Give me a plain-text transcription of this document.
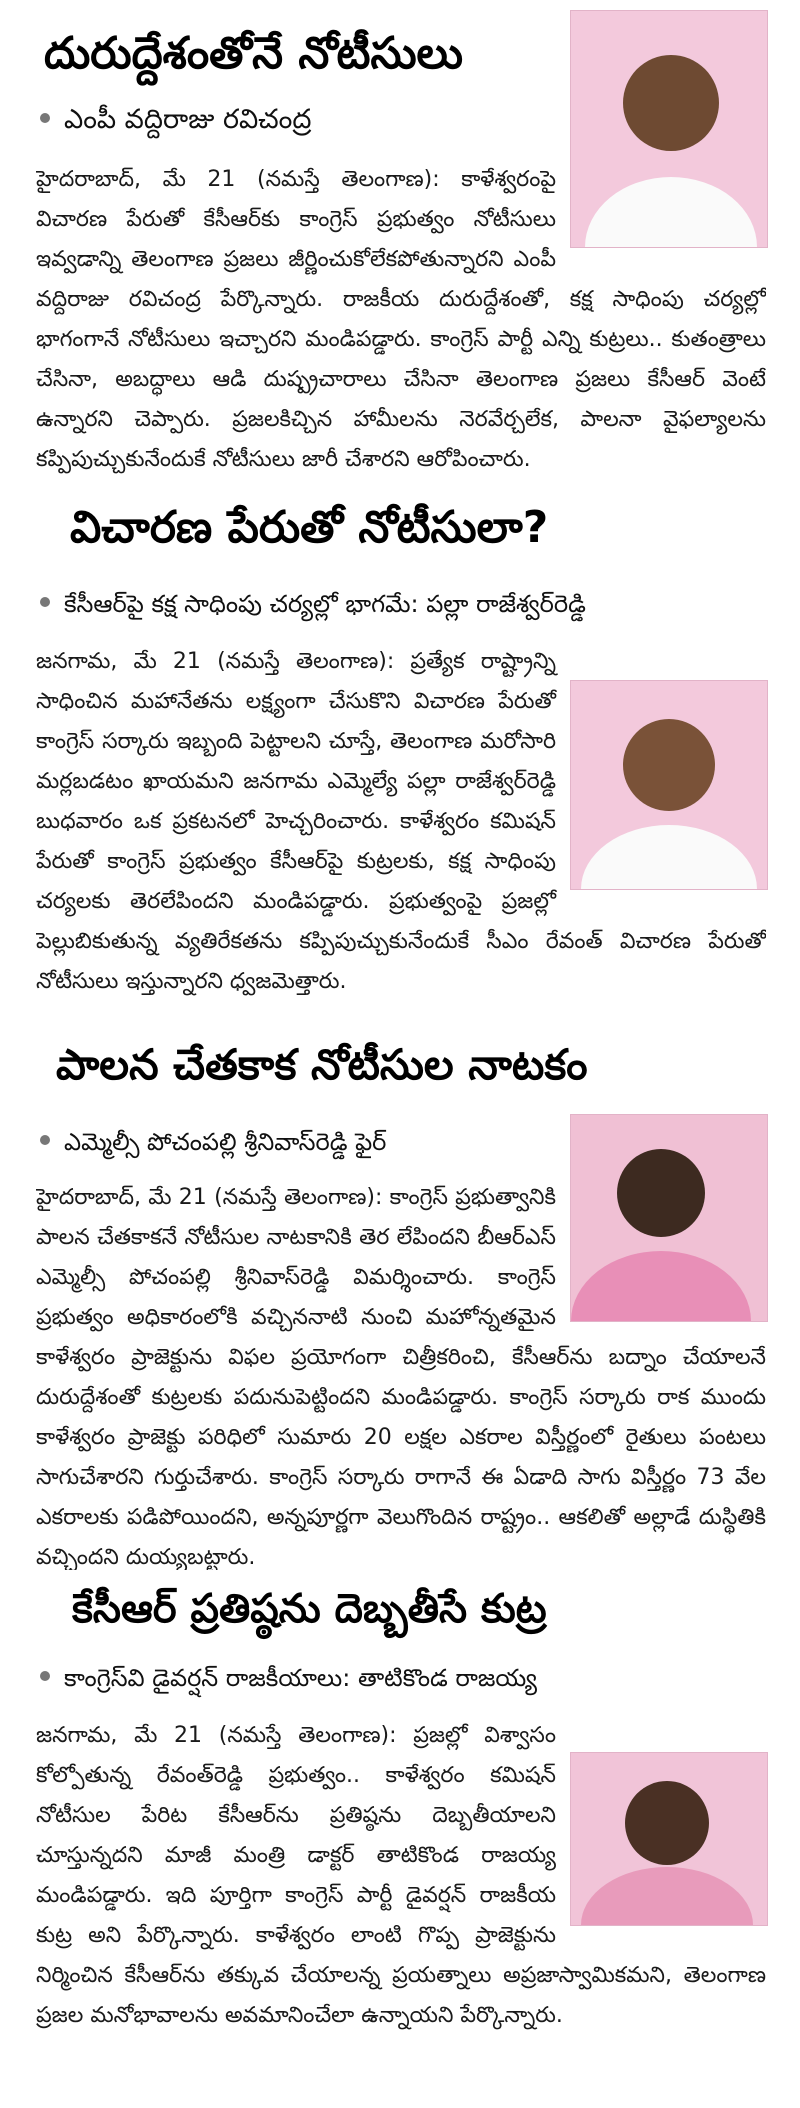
దురుద్దేశంతోనే నోటీసులు
ఎంపీ వద్దిరాజు రవిచంద్ర

హైదరాబాద్, మే 21 (నమస్తే తెలంగాణ): కాళేశ్వరంపై విచారణ పేరుతో కేసీఆర్‌కు కాంగ్రెస్ ప్రభుత్వం నోటీసులు ఇవ్వడాన్ని తెలంగాణ ప్రజలు జీర్ణించుకోలేకపోతున్నారని ఎంపీ వద్దిరాజు రవిచంద్ర పేర్కొన్నారు. రాజకీయ దురుద్దేశంతో, కక్ష సాధింపు చర్యల్లో భాగంగానే నోటీసులు ఇచ్చారని మండిపడ్డారు. కాంగ్రెస్ పార్టీ ఎన్ని కుట్రలు.. కుతంత్రాలు చేసినా, అబద్ధాలు ఆడి దుష్ప్రచారాలు చేసినా తెలంగాణ ప్రజలు కేసీఆర్ వెంటే ఉన్నారని చెప్పారు. ప్రజలకిచ్చిన హామీలను నెరవేర్చలేక, పాలనా వైఫల్యాలను కప్పిపుచ్చుకునేందుకే నోటీసులు జారీ చేశారని ఆరోపించారు.

విచారణ పేరుతో నోటీసులా?
కేసీఆర్‌పై కక్ష సాధింపు చర్యల్లో భాగమే: పల్లా రాజేశ్వర్‌రెడ్డి

జనగామ, మే 21 (నమస్తే తెలంగాణ): ప్రత్యేక రాష్ట్రాన్ని సాధించిన మహానేతను లక్ష్యంగా చేసుకొని విచారణ పేరుతో కాంగ్రెస్ సర్కారు ఇబ్బంది పెట్టాలని చూస్తే, తెలంగాణ మరోసారి మర్లబడటం ఖాయమని జనగామ ఎమ్మెల్యే పల్లా రాజేశ్వర్‌రెడ్డి బుధవారం ఒక ప్రకటనలో హెచ్చరించారు. కాళేశ్వరం కమిషన్ పేరుతో కాంగ్రెస్ ప్రభుత్వం కేసీఆర్‌పై కుట్రలకు, కక్ష సాధింపు చర్యలకు తెరలేపిందని మండిపడ్డారు. ప్రభుత్వంపై ప్రజల్లో పెల్లుబికుతున్న వ్యతిరేకతను కప్పిపుచ్చుకునేందుకే సీఎం రేవంత్ విచారణ పేరుతో నోటీసులు ఇస్తున్నారని ధ్వజమెత్తారు.

పాలన చేతకాక నోటీసుల నాటకం
ఎమ్మెల్సీ పోచంపల్లి శ్రీనివాస్‌రెడ్డి ఫైర్

హైదరాబాద్, మే 21 (నమస్తే తెలంగాణ): కాంగ్రెస్ ప్రభుత్వానికి పాలన చేతకాకనే నోటీసుల నాటకానికి తెర లేపిందని బీఆర్ఎస్ ఎమ్మెల్సీ పోచంపల్లి శ్రీనివాస్‌రెడ్డి విమర్శించారు. కాంగ్రెస్ ప్రభుత్వం అధికారంలోకి వచ్చిననాటి నుంచి మహోన్నతమైన కాళేశ్వరం ప్రాజెక్టును విఫల ప్రయోగంగా చిత్రీకరించి, కేసీఆర్‌ను బద్నాం చేయాలనే దురుద్దేశంతో కుట్రలకు పదునుపెట్టిందని మండిపడ్డారు. కాంగ్రెస్ సర్కారు రాక ముందు కాళేశ్వరం ప్రాజెక్టు పరిధిలో సుమారు 20 లక్షల ఎకరాల విస్తీర్ణంలో రైతులు పంటలు సాగుచేశారని గుర్తుచేశారు. కాంగ్రెస్ సర్కారు రాగానే ఈ ఏడాది సాగు విస్తీర్ణం 73 వేల ఎకరాలకు పడిపోయిందని, అన్నపూర్ణగా వెలుగొందిన రాష్ట్రం.. ఆకలితో అల్లాడే దుస్థితికి వచ్చిందని దుయ్యబట్టారు.

కేసీఆర్ ప్రతిష్ఠను దెబ్బతీసే కుట్ర
కాంగ్రెస్‌వి డైవర్షన్ రాజకీయాలు: తాటికొండ రాజయ్య

జనగామ, మే 21 (నమస్తే తెలంగాణ): ప్రజల్లో విశ్వాసం కోల్పోతున్న రేవంత్‌రెడ్డి ప్రభుత్వం.. కాళేశ్వరం కమిషన్ నోటీసుల పేరిట కేసీఆర్‌ను ప్రతిష్ఠను దెబ్బతీయాలని చూస్తున్నదని మాజీ మంత్రి డాక్టర్ తాటికొండ రాజయ్య మండిపడ్డారు. ఇది పూర్తిగా కాంగ్రెస్ పార్టీ డైవర్షన్ రాజకీయ కుట్ర అని పేర్కొన్నారు. కాళేశ్వరం లాంటి గొప్ప ప్రాజెక్టును నిర్మించిన కేసీఆర్‌ను తక్కువ చేయాలన్న ప్రయత్నాలు అప్రజాస్వామికమని, తెలంగాణ ప్రజల మనోభావాలను అవమానించేలా ఉన్నాయని పేర్కొన్నారు.
